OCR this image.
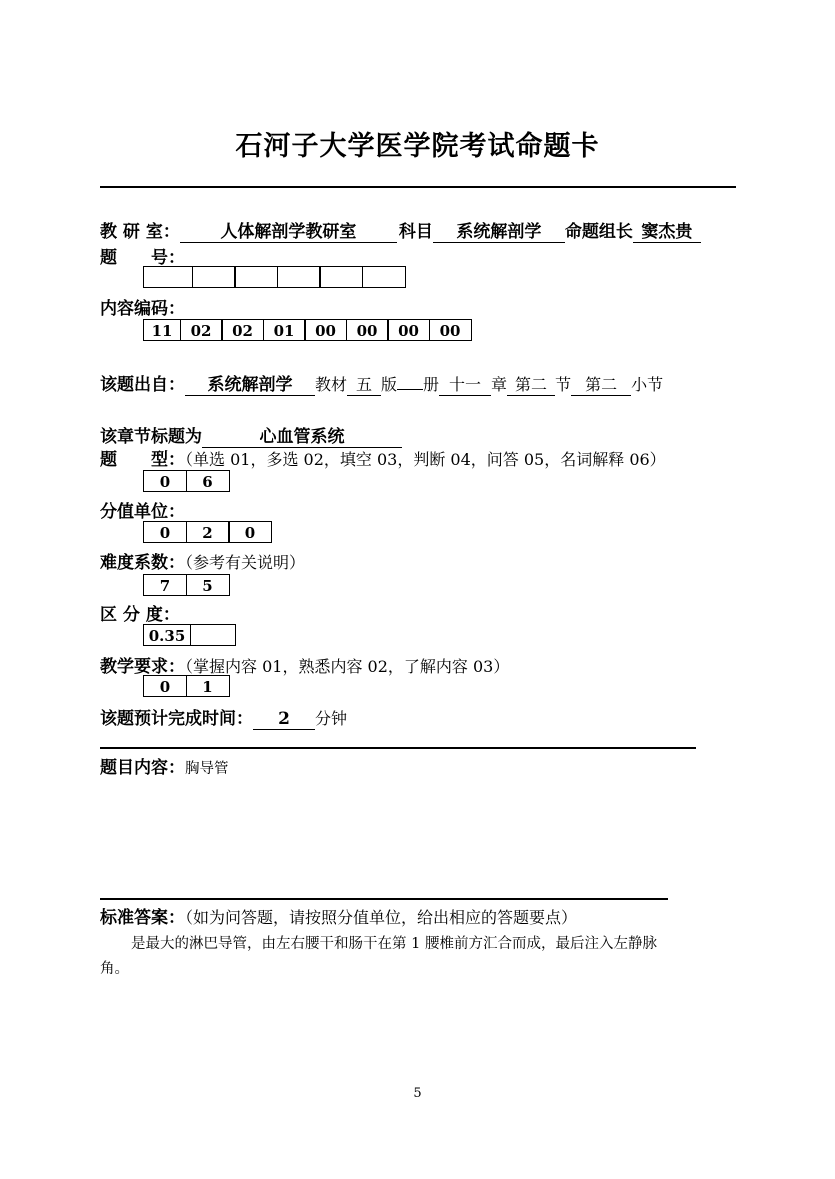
石河子大学医学院考试命题卡
教 研 室： 人体解剖学教研室	科目 系统解剖学 命题组长 窦杰贵
题　　号：
内容编码：
11	02	02	01	00	00	00	00
该题出自： 系统解剖学 教材 五 版 册 十一 章 第二 节 第二 小节
该章节标题为	心血管系统
题　　型：（单选 01，多选 02，填空 03，判断 04，问答 05，名词解释 06）
0	6
分值单位：
0	2	0
难度系数：（参考有关说明）
7	5
区 分 度：
0.35
教学要求：（掌握内容 01，熟悉内容 02，了解内容 03）
0	1
该题预计完成时间： 2 分钟
题目内容：胸导管
标准答案：（如为问答题，请按照分值单位，给出相应的答题要点）
是最大的淋巴导管，由左右腰干和肠干在第 1 腰椎前方汇合而成，最后注入左静脉
角。
5
